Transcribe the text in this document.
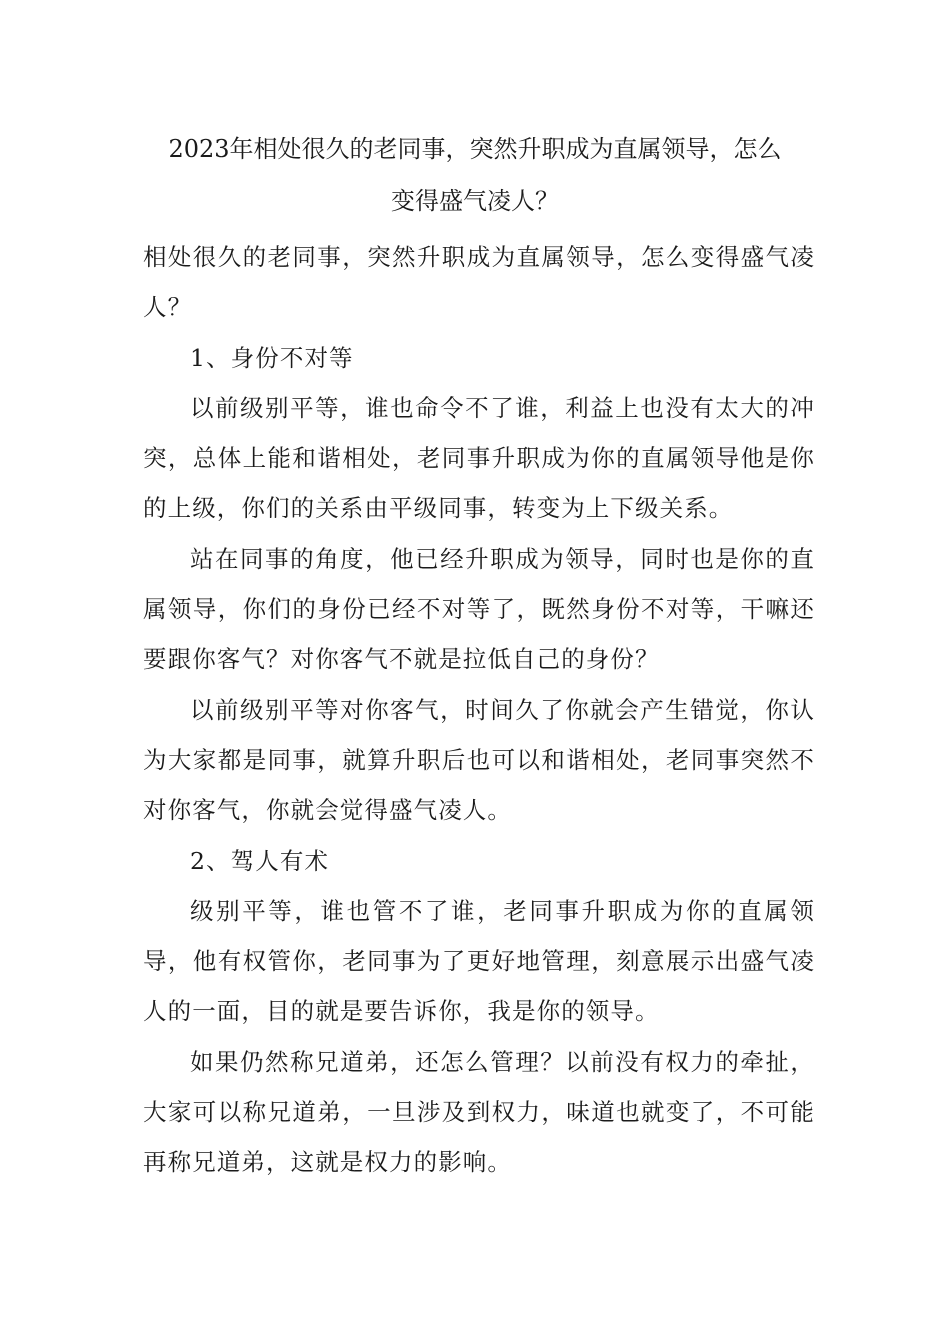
2023年相处很久的老同事，突然升职成为直属领导，怎么
变得盛气凌人？

相处很久的老同事，突然升职成为直属领导，怎么变得盛气凌人？

1、身份不对等

以前级别平等，谁也命令不了谁，利益上也没有太大的冲突，总体上能和谐相处，老同事升职成为你的直属领导他是你的上级，你们的关系由平级同事，转变为上下级关系。

站在同事的角度，他已经升职成为领导，同时也是你的直属领导，你们的身份已经不对等了，既然身份不对等，干嘛还要跟你客气？对你客气不就是拉低自己的身份？

以前级别平等对你客气，时间久了你就会产生错觉，你认为大家都是同事，就算升职后也可以和谐相处，老同事突然不对你客气，你就会觉得盛气凌人。

2、驾人有术

级别平等，谁也管不了谁，老同事升职成为你的直属领导，他有权管你，老同事为了更好地管理，刻意展示出盛气凌人的一面，目的就是要告诉你，我是你的领导。

如果仍然称兄道弟，还怎么管理？以前没有权力的牵扯，大家可以称兄道弟，一旦涉及到权力，味道也就变了，不可能再称兄道弟，这就是权力的影响。
